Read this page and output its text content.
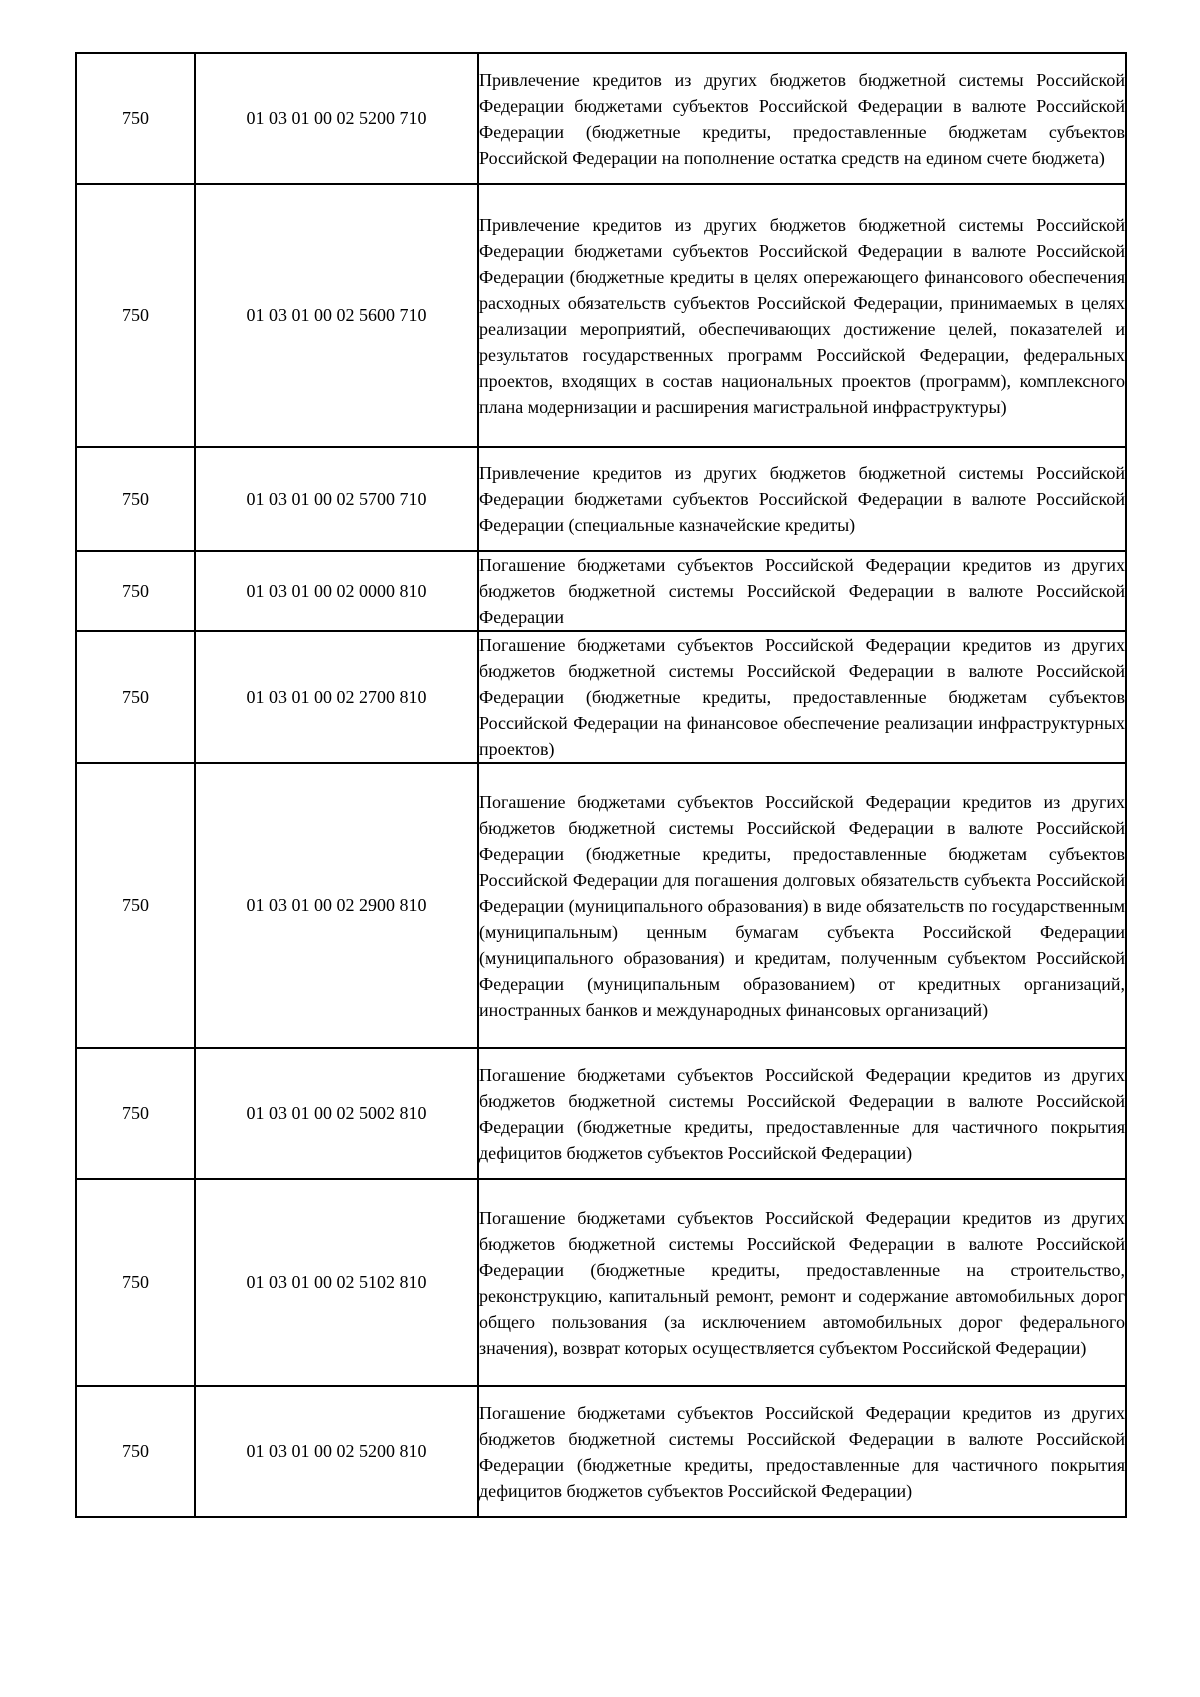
750	01 03 01 00 02 5200 710	Привлечение кредитов из других бюджетов бюджетной системы Российской Федерации бюджетами субъектов Российской Федерации в валюте Российской Федерации (бюджетные кредиты, предоставленные бюджетам субъектов Российской Федерации на пополнение остатка средств на едином счете бюджета)

750	01 03 01 00 02 5600 710	Привлечение кредитов из других бюджетов бюджетной системы Российской Федерации бюджетами субъектов Российской Федерации в валюте Российской Федерации (бюджетные кредиты в целях опережающего финансового обеспечения расходных обязательств субъектов Российской Федерации, принимаемых в целях реализации мероприятий, обеспечивающих достижение целей, показателей и результатов государственных программ Российской Федерации, федеральных проектов, входящих в состав национальных проектов (программ), комплексного плана модернизации и расширения магистральной инфраструктуры)

750	01 03 01 00 02 5700 710	Привлечение кредитов из других бюджетов бюджетной системы Российской Федерации бюджетами субъектов Российской Федерации в валюте Российской Федерации (специальные казначейские кредиты)

750	01 03 01 00 02 0000 810	Погашение бюджетами субъектов Российской Федерации кредитов из других бюджетов бюджетной системы Российской Федерации в валюте Российской Федерации

750	01 03 01 00 02 2700 810	Погашение бюджетами субъектов Российской Федерации кредитов из других бюджетов бюджетной системы Российской Федерации в валюте Российской Федерации (бюджетные кредиты, предоставленные бюджетам субъектов Российской Федерации на финансовое обеспечение реализации инфраструктурных проектов)

750	01 03 01 00 02 2900 810	Погашение бюджетами субъектов Российской Федерации кредитов из других бюджетов бюджетной системы Российской Федерации в валюте Российской Федерации (бюджетные кредиты, предоставленные бюджетам субъектов Российской Федерации для погашения долговых обязательств субъекта Российской Федерации (муниципального образования) в виде обязательств по государственным (муниципальным) ценным бумагам субъекта Российской Федерации (муниципального образования) и кредитам, полученным субъектом Российской Федерации (муниципальным образованием) от кредитных организаций, иностранных банков и международных финансовых организаций)

750	01 03 01 00 02 5002 810	Погашение бюджетами субъектов Российской Федерации кредитов из других бюджетов бюджетной системы Российской Федерации в валюте Российской Федерации (бюджетные кредиты, предоставленные для частичного покрытия дефицитов бюджетов субъектов Российской Федерации)

750	01 03 01 00 02 5102 810	Погашение бюджетами субъектов Российской Федерации кредитов из других бюджетов бюджетной системы Российской Федерации в валюте Российской Федерации (бюджетные кредиты, предоставленные на строительство, реконструкцию, капитальный ремонт, ремонт и содержание автомобильных дорог общего пользования (за исключением автомобильных дорог федерального значения), возврат которых осуществляется субъектом Российской Федерации)

750	01 03 01 00 02 5200 810	Погашение бюджетами субъектов Российской Федерации кредитов из других бюджетов бюджетной системы Российской Федерации в валюте Российской Федерации (бюджетные кредиты, предоставленные для частичного покрытия дефицитов бюджетов субъектов Российской Федерации)
